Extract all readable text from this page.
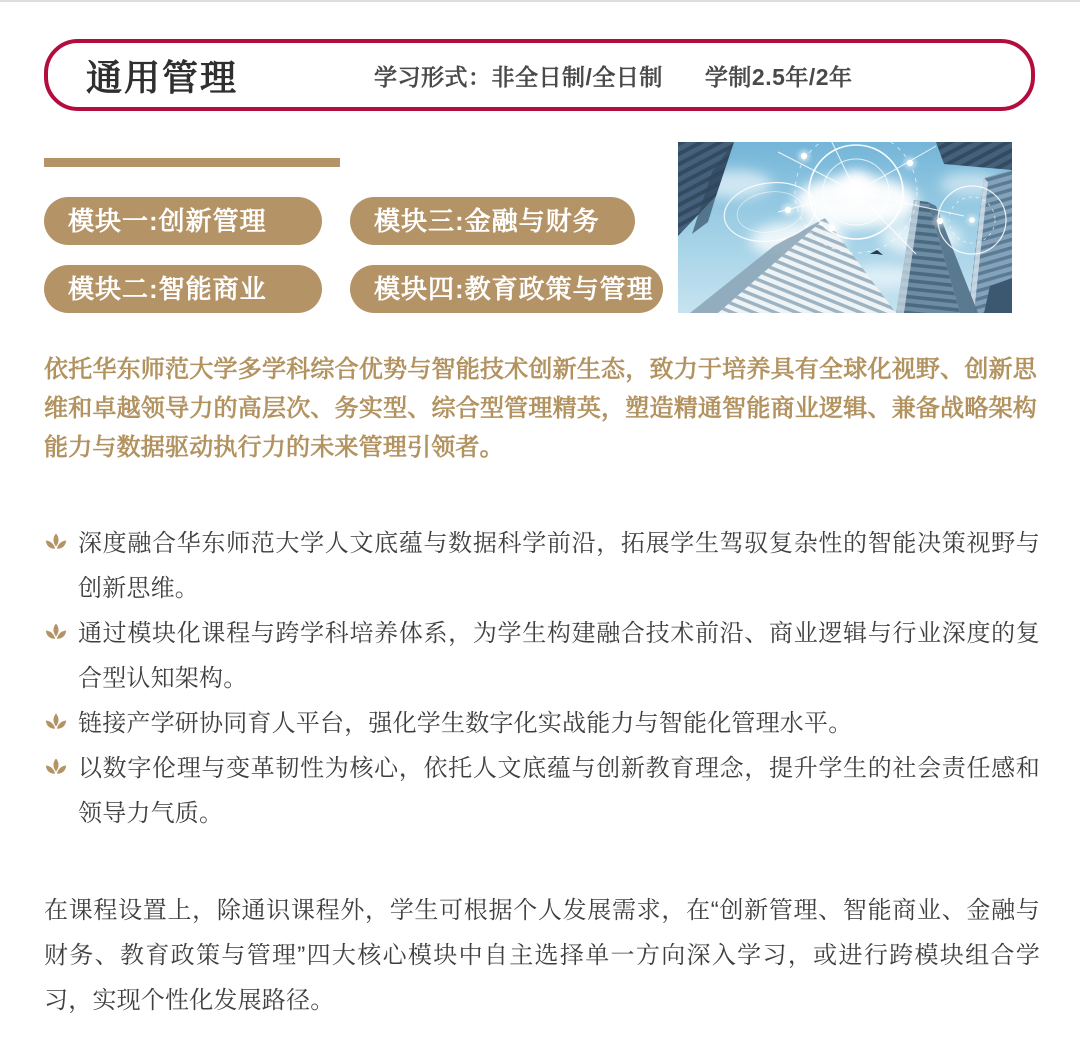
通用管理	学习形式：非全日制/全日制 学制2.5年/2年
模块一:创新管理
模块二:智能商业
模块三:金融与财务
模块四:教育政策与管理

依托华东师范大学多学科综合优势与智能技术创新生态，致力于培养具有全球化视野、创新思维和卓越领导力的高层次、务实型、综合型管理精英，塑造精通智能商业逻辑、兼备战略架构能力与数据驱动执行力的未来管理引领者。

深度融合华东师范大学人文底蕴与数据科学前沿，拓展学生驾驭复杂性的智能决策视野与创新思维。
通过模块化课程与跨学科培养体系，为学生构建融合技术前沿、商业逻辑与行业深度的复合型认知架构。
链接产学研协同育人平台，强化学生数字化实战能力与智能化管理水平。
以数字伦理与变革韧性为核心，依托人文底蕴与创新教育理念，提升学生的社会责任感和领导力气质。

在课程设置上，除通识课程外，学生可根据个人发展需求，在“创新管理、智能商业、金融与财务、教育政策与管理”四大核心模块中自主选择单一方向深入学习，或进行跨模块组合学习，实现个性化发展路径。
